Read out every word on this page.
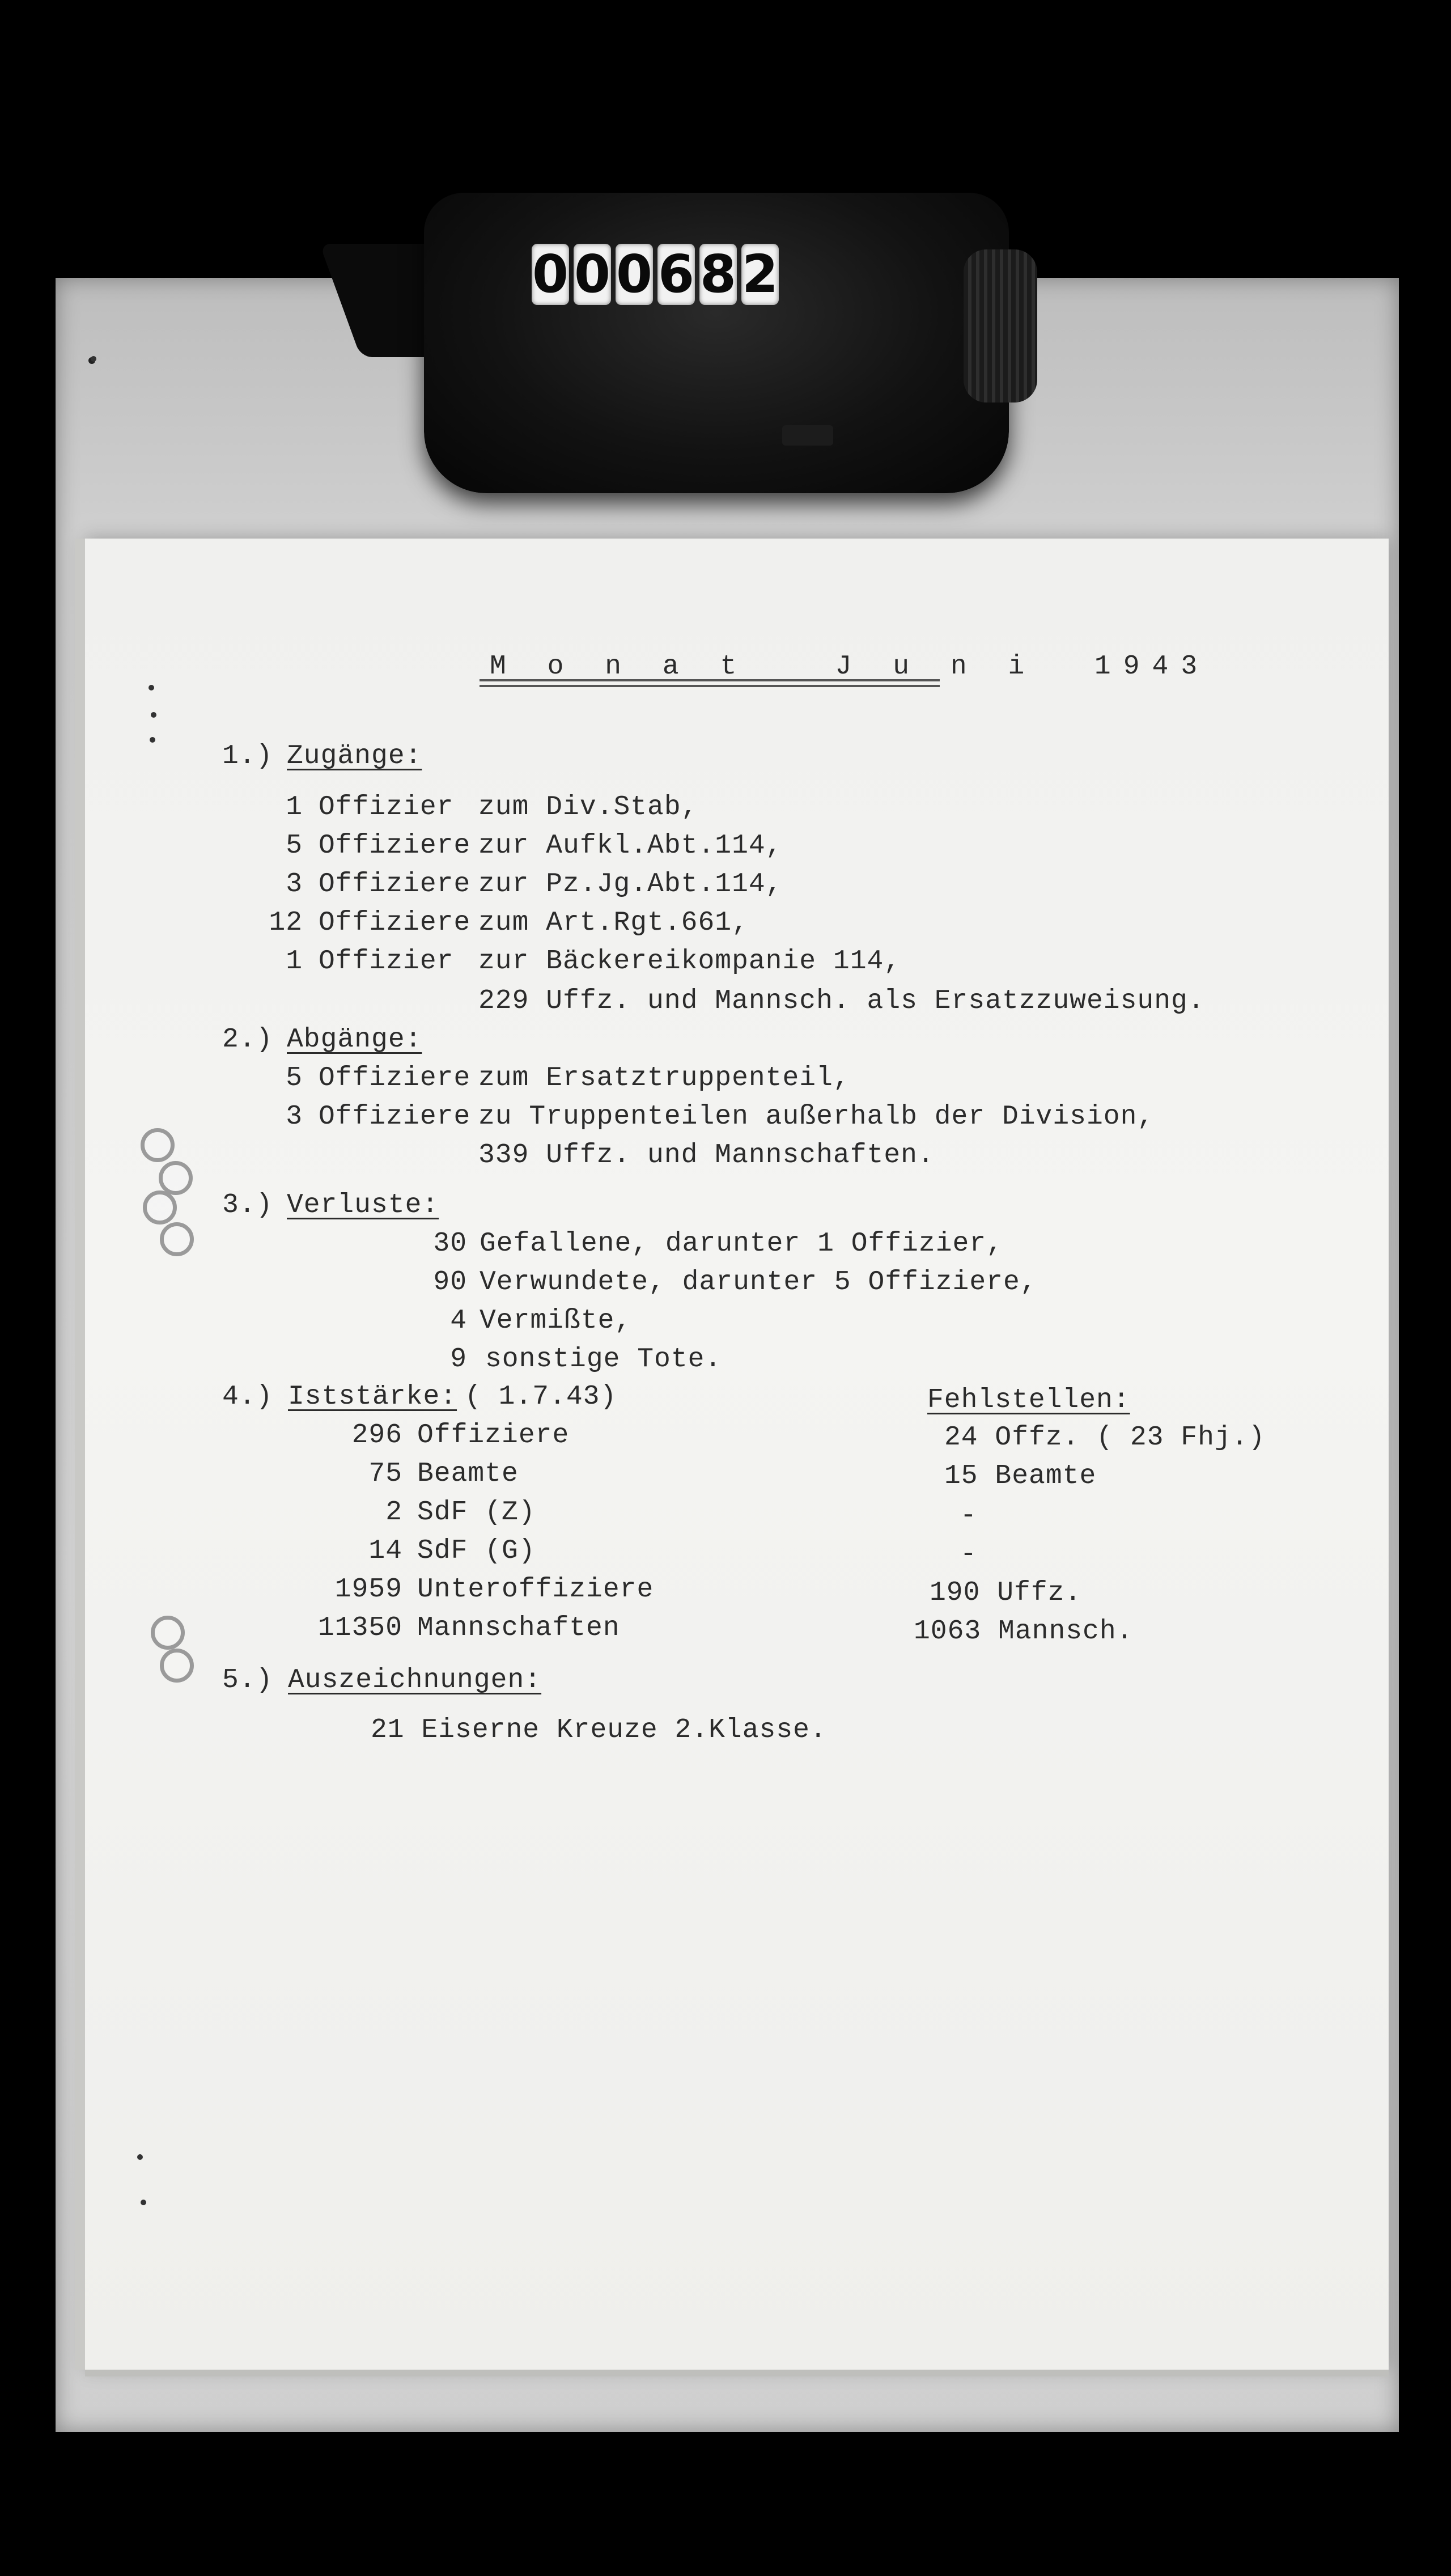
0 0 0 6 8 2
M o n a t   J u n i  1943
1.) Zugänge:
1 Offizier zum Div.Stab,
5 Offiziere zur Aufkl.Abt.114,
3 Offiziere zur Pz.Jg.Abt.114,
12 Offiziere zum Art.Rgt.661,
1 Offizier zur Bäckereikompanie 114,
229 Uffz. und Mannsch. als Ersatzzuweisung.
2.) Abgänge:
5 Offiziere zum Ersatztruppenteil,
3 Offiziere zu Truppenteilen außerhalb der Division,
339 Uffz. und Mannschaften.
3.) Verluste:
30 Gefallene, darunter 1 Offizier,
90 Verwundete, darunter 5 Offiziere,
4 Vermißte,
9 sonstige Tote.
4.) Iststärke: ( 1.7.43)	Fehlstellen:
296 Offiziere	24 Offz. ( 23 Fhj.)
75 Beamte	15 Beamte
2 SdF (Z)	-
14 SdF (G)	-
1959 Unteroffiziere	190 Uffz.
11350 Mannschaften	1063 Mannsch.
5.) Auszeichnungen:
21 Eiserne Kreuze 2.Klasse.
